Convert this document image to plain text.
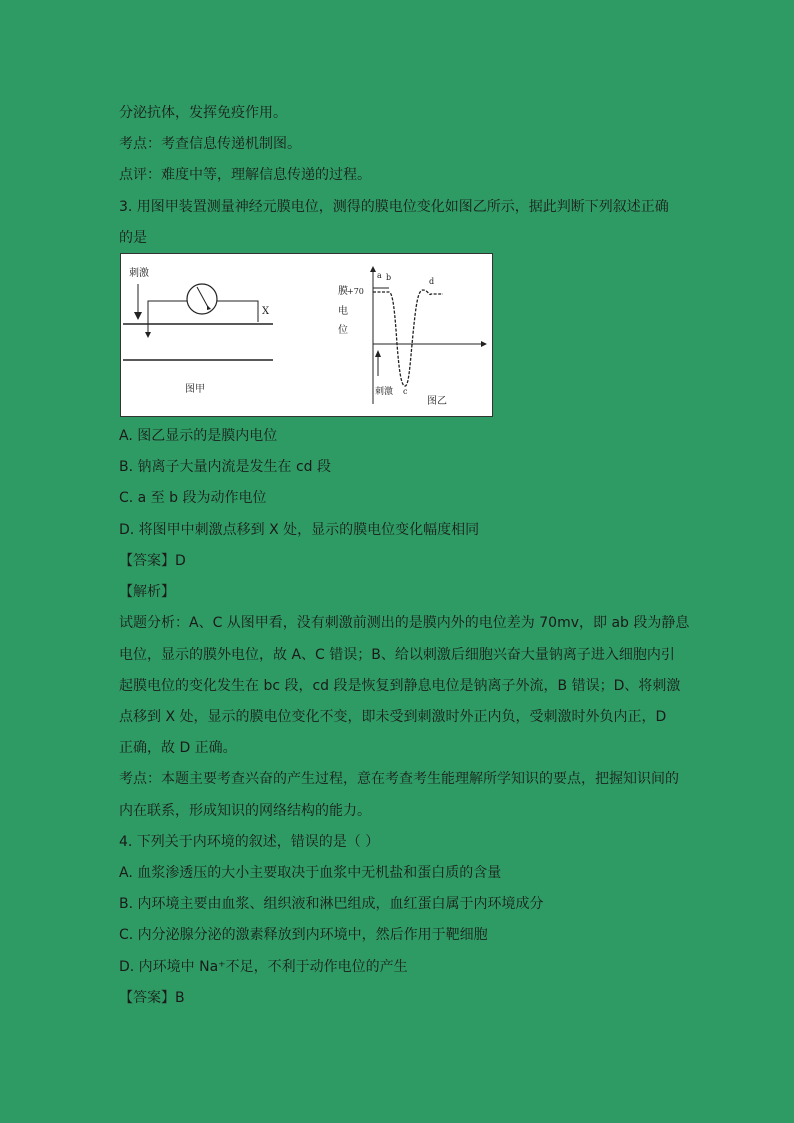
分泌抗体，发挥免疫作用。
考点：考查信息传递机制图。
点评：难度中等，理解信息传递的过程。
3. 用图甲装置测量神经元膜电位，测得的膜电位变化如图乙所示，据此判断下列叙述正确
的是
刺激
X
图甲
膜
电
位
+70
a b	d
c
刺激
图乙
A. 图乙显示的是膜内电位
B. 钠离子大量内流是发生在 cd 段
C. a 至 b 段为动作电位
D. 将图甲中刺激点移到 X 处，显示的膜电位变化幅度相同
【答案】D
【解析】
试题分析：A、C 从图甲看，没有刺激前测出的是膜内外的电位差为 70mv，即 ab 段为静息
电位，显示的膜外电位，故 A、C 错误；B、给以刺激后细胞兴奋大量钠离子进入细胞内引
起膜电位的变化发生在 bc 段，cd 段是恢复到静息电位是钠离子外流，B 错误；D、将刺激
点移到 X 处，显示的膜电位变化不变，即未受到刺激时外正内负，受刺激时外负内正，D
正确，故 D 正确。
考点：本题主要考查兴奋的产生过程，意在考查考生能理解所学知识的要点，把握知识间的
内在联系，形成知识的网络结构的能力。
4. 下列关于内环境的叙述，错误的是（ ）
A. 血浆渗透压的大小主要取决于血浆中无机盐和蛋白质的含量
B. 内环境主要由血浆、组织液和淋巴组成，血红蛋白属于内环境成分
C. 内分泌腺分泌的激素释放到内环境中，然后作用于靶细胞
D. 内环境中 Na⁺不足，不利于动作电位的产生
【答案】B
